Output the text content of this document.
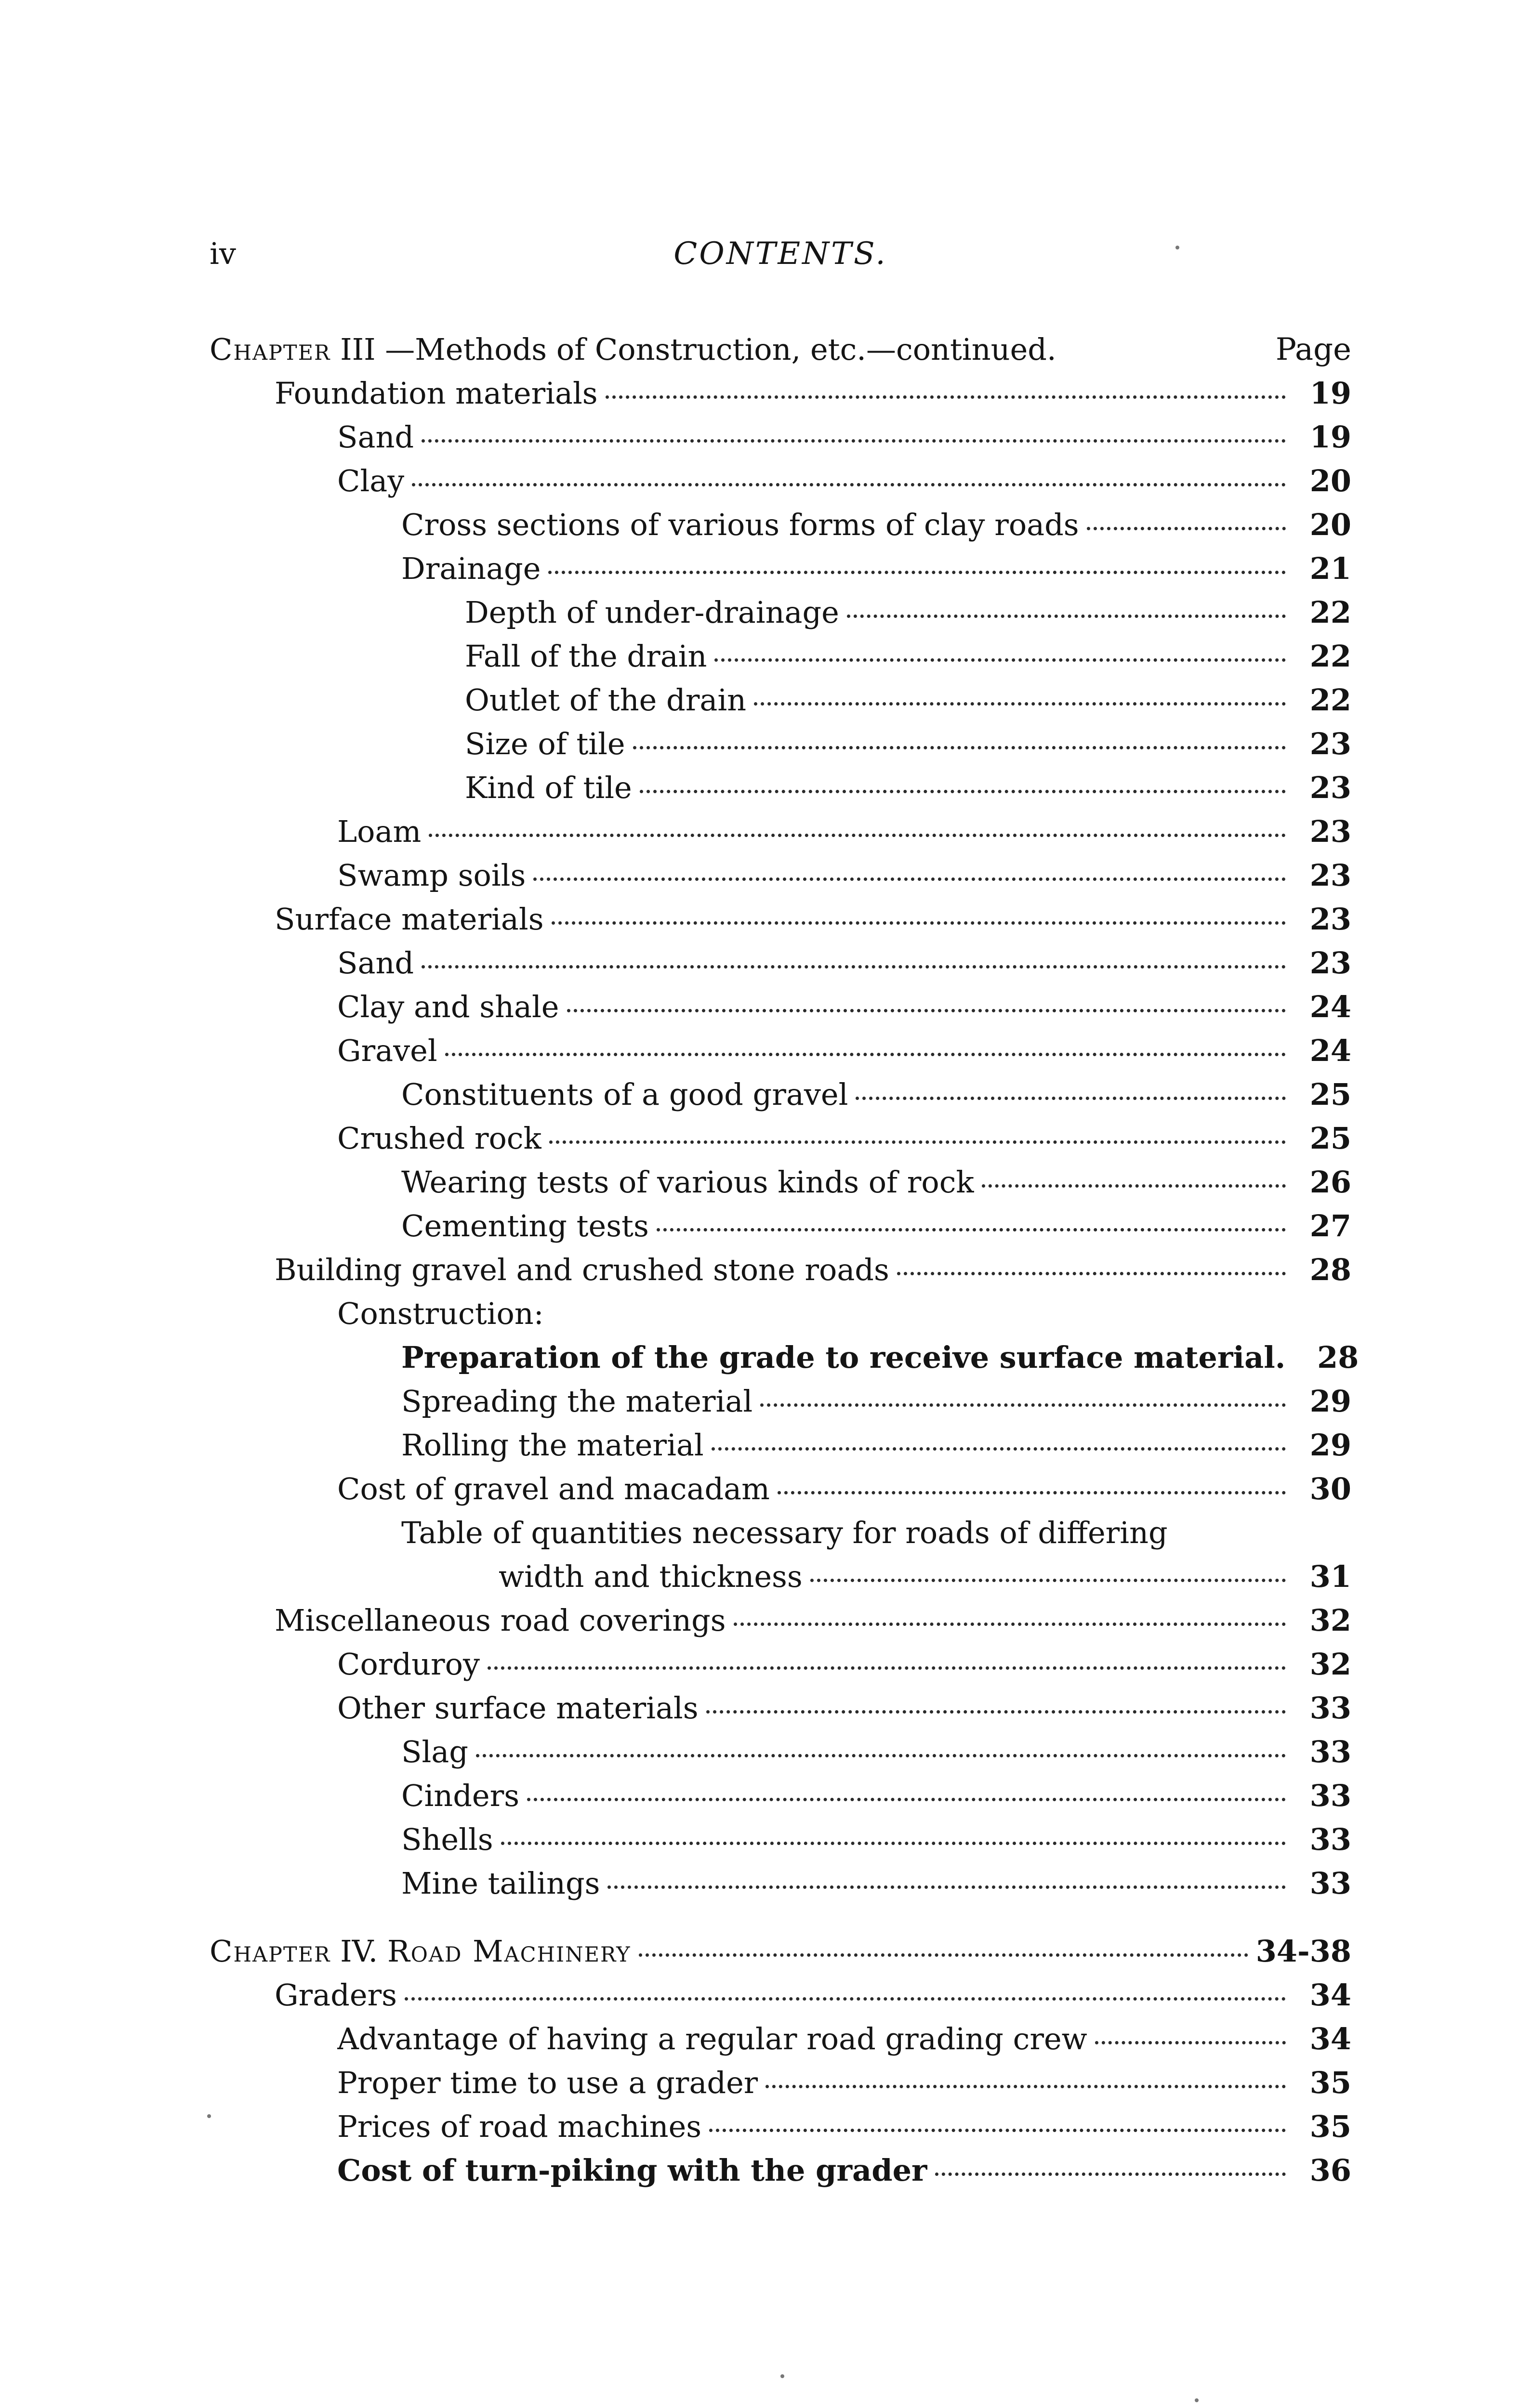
iv	CONTENTS.
Chapter III —Methods of Construction, etc.—continued.	Page
Foundation materials	19
Sand	19
Clay	20
Cross sections of various forms of clay roads	20
Drainage	21
Depth of under-drainage	22
Fall of the drain	22
Outlet of the drain	22
Size of tile	23
Kind of tile	23
Loam	23
Swamp soils	23
Surface materials	23
Sand	23
Clay and shale	24
Gravel	24
Constituents of a good gravel	25
Crushed rock	25
Wearing tests of various kinds of rock	26
Cementing tests	27
Building gravel and crushed stone roads	28
Construction:
Preparation of the grade to receive surface material.	28
Spreading the material	29
Rolling the material	29
Cost of gravel and macadam	30
Table of quantities necessary for roads of differing
width and thickness	31
Miscellaneous road coverings	32
Corduroy	32
Other surface materials	33
Slag	33
Cinders	33
Shells	33
Mine tailings	33
Chapter IV. Road Machinery	34-38
Graders	34
Advantage of having a regular road grading crew	34
Proper time to use a grader	35
Prices of road machines	35
Cost of turn-piking with the grader	36
